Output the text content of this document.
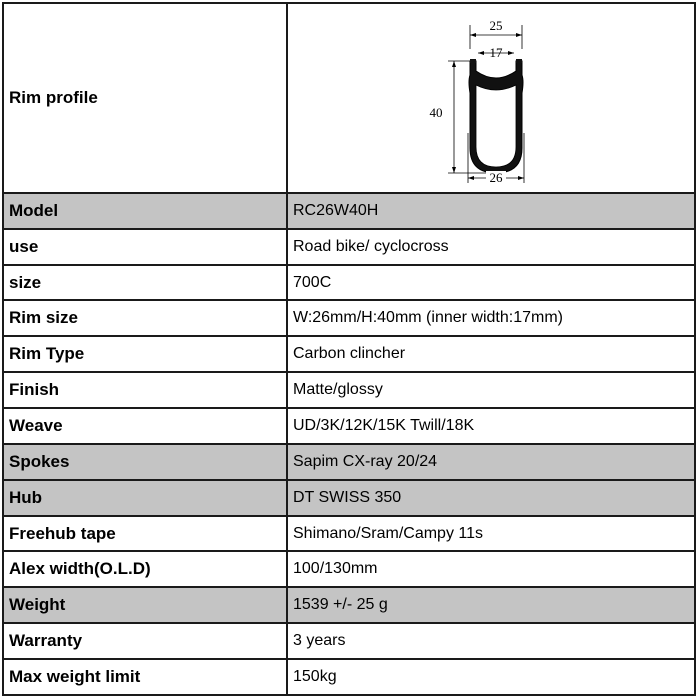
Rim profile	25
17
40
26

Model	RC26W40H
use	Road bike/ cyclocross
size	700C
Rim size	W:26mm/H:40mm (inner width:17mm)
Rim Type	Carbon clincher
Finish	Matte/glossy
Weave	UD/3K/12K/15K Twill/18K
Spokes	Sapim CX-ray 20/24
Hub	DT SWISS 350
Freehub tape	Shimano/Sram/Campy 11s
Alex width(O.L.D)	100/130mm
Weight	1539 +/- 25 g
Warranty	3 years
Max weight limit	150kg
